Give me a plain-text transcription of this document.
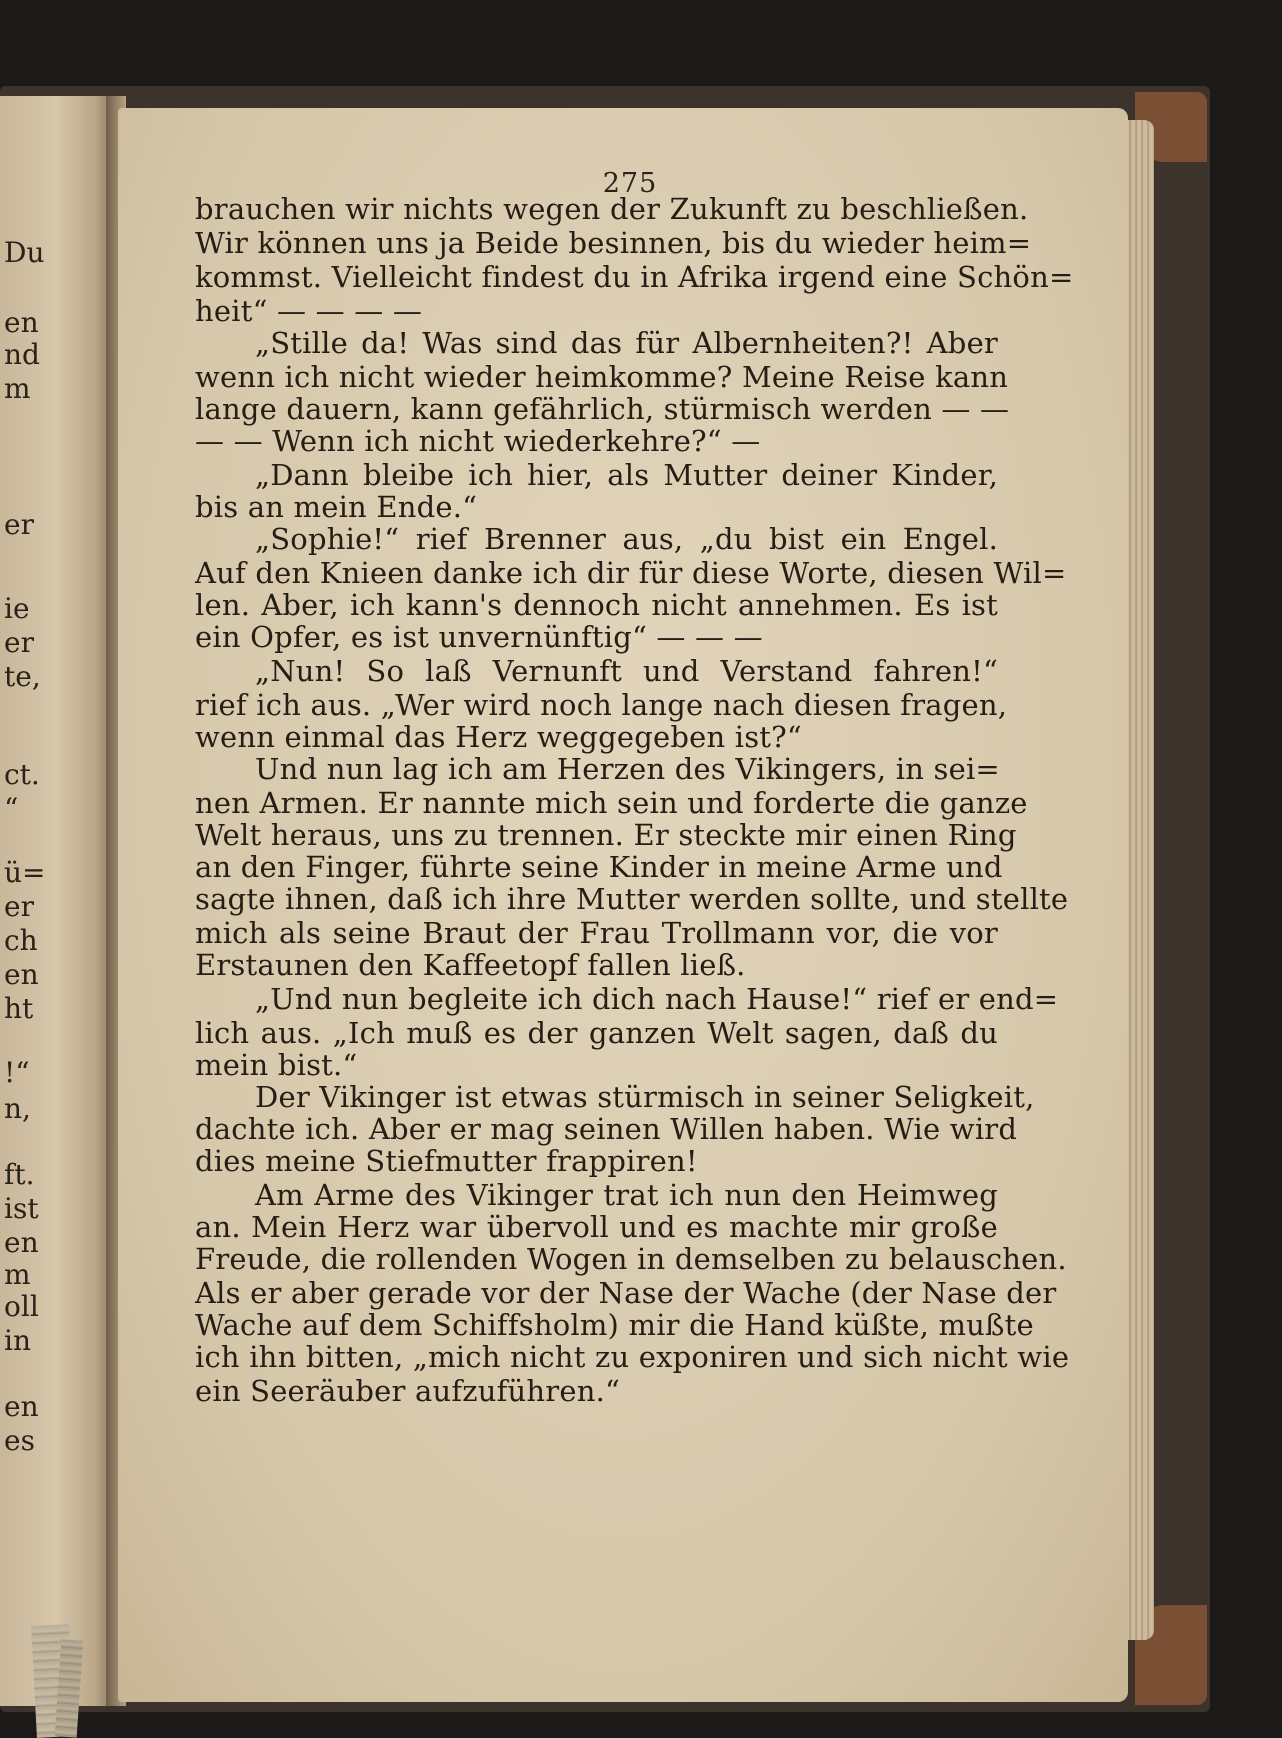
Du
en
nd
m
er
ie
er
te,
ct.
“
ü=
er
ch
en
ht
!“
n,
ft.
ist
en
m
oll
in
en
es
275
brauchen wir nichts wegen der Zukunft zu beschließen.
Wir können uns ja Beide besinnen, bis du wieder heim=
kommst. Vielleicht findest du in Afrika irgend eine Schön=
heit“ — — — —
„Stille da! Was sind das für Albernheiten?! Aber
wenn ich nicht wieder heimkomme? Meine Reise kann
lange dauern, kann gefährlich, stürmisch werden — —
— — Wenn ich nicht wiederkehre?“ —
„Dann bleibe ich hier, als Mutter deiner Kinder,
bis an mein Ende.“
„Sophie!“ rief Brenner aus, „du bist ein Engel.
Auf den Knieen danke ich dir für diese Worte, diesen Wil=
len. Aber, ich kann's dennoch nicht annehmen. Es ist
ein Opfer, es ist unvernünftig“ — — —
„Nun! So laß Vernunft und Verstand fahren!“
rief ich aus. „Wer wird noch lange nach diesen fragen,
wenn einmal das Herz weggegeben ist?“
Und nun lag ich am Herzen des Vikingers, in sei=
nen Armen. Er nannte mich sein und forderte die ganze
Welt heraus, uns zu trennen. Er steckte mir einen Ring
an den Finger, führte seine Kinder in meine Arme und
sagte ihnen, daß ich ihre Mutter werden sollte, und stellte
mich als seine Braut der Frau Trollmann vor, die vor
Erstaunen den Kaffeetopf fallen ließ.
„Und nun begleite ich dich nach Hause!“ rief er end=
lich aus. „Ich muß es der ganzen Welt sagen, daß du
mein bist.“
Der Vikinger ist etwas stürmisch in seiner Seligkeit,
dachte ich. Aber er mag seinen Willen haben. Wie wird
dies meine Stiefmutter frappiren!
Am Arme des Vikinger trat ich nun den Heimweg
an. Mein Herz war übervoll und es machte mir große
Freude, die rollenden Wogen in demselben zu belauschen.
Als er aber gerade vor der Nase der Wache (der Nase der
Wache auf dem Schiffsholm) mir die Hand küßte, mußte
ich ihn bitten, „mich nicht zu exponiren und sich nicht wie
ein Seeräuber aufzuführen.“
